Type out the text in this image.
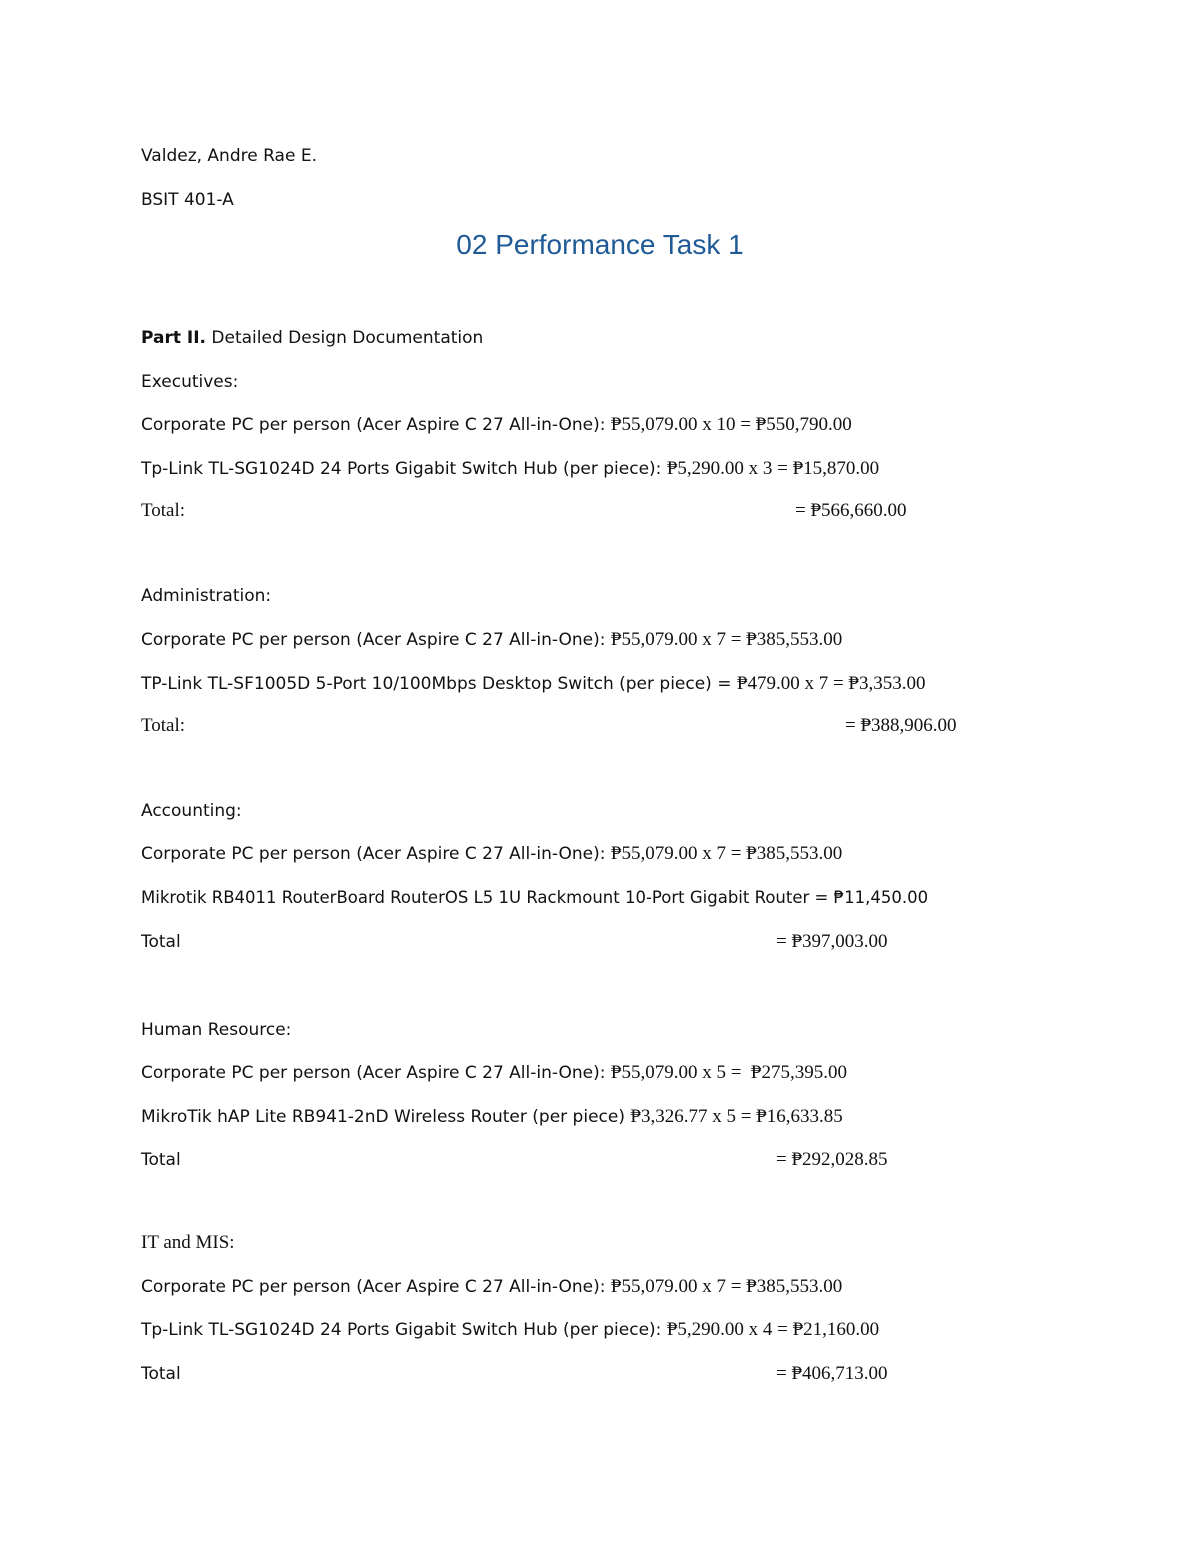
Valdez, Andre Rae E.
BSIT 401-A
02 Performance Task 1
Part II. Detailed Design Documentation
Executives:
Corporate PC per person (Acer Aspire C 27 All-in-One): ₱55,079.00 x 10 = ₱550,790.00
Tp-Link TL-SG1024D 24 Ports Gigabit Switch Hub (per piece): ₱5,290.00 x 3 = ₱15,870.00
Total:	= ₱566,660.00
Administration:
Corporate PC per person (Acer Aspire C 27 All-in-One): ₱55,079.00 x 7 = ₱385,553.00
TP-Link TL-SF1005D 5-Port 10/100Mbps Desktop Switch (per piece) = ₱479.00 x 7 = ₱3,353.00
Total:	= ₱388,906.00
Accounting:
Corporate PC per person (Acer Aspire C 27 All-in-One): ₱55,079.00 x 7 = ₱385,553.00
Mikrotik RB4011 RouterBoard RouterOS L5 1U Rackmount 10-Port Gigabit Router = ₱11,450.00
Total	= ₱397,003.00
Human Resource:
Corporate PC per person (Acer Aspire C 27 All-in-One): ₱55,079.00 x 5 =  ₱275,395.00
MikroTik hAP Lite RB941-2nD Wireless Router (per piece) ₱3,326.77 x 5 = ₱16,633.85
Total	= ₱292,028.85
IT and MIS:
Corporate PC per person (Acer Aspire C 27 All-in-One): ₱55,079.00 x 7 = ₱385,553.00
Tp-Link TL-SG1024D 24 Ports Gigabit Switch Hub (per piece): ₱5,290.00 x 4 = ₱21,160.00
Total	= ₱406,713.00
